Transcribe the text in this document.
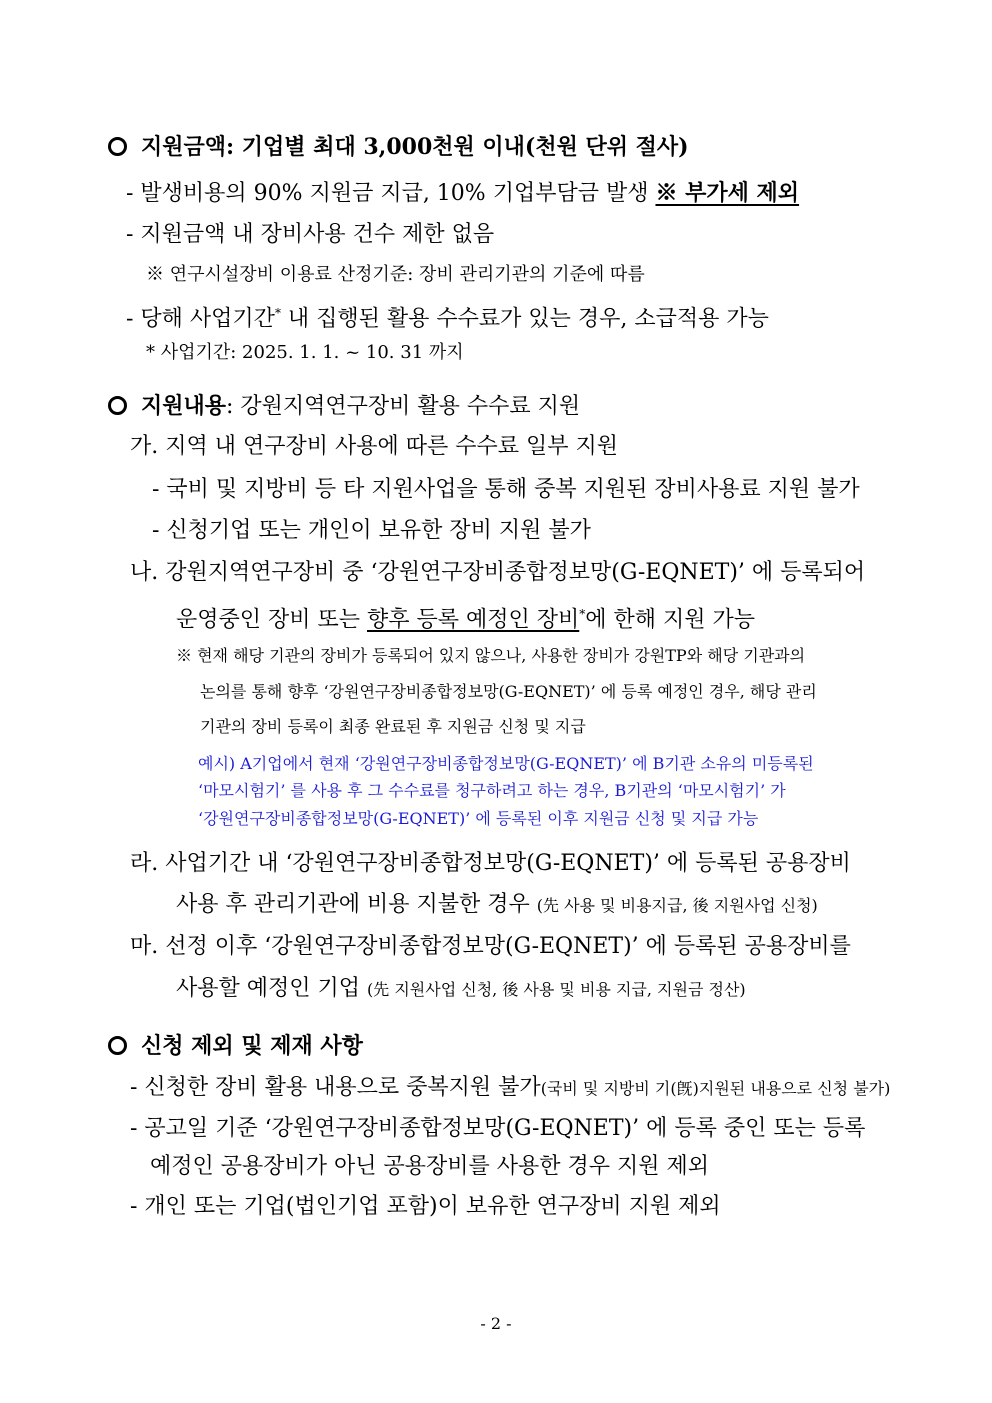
지원금액: 기업별 최대 3,000천원 이내(천원 단위 절사)
- 발생비용의 90% 지원금 지급, 10% 기업부담금 발생 ※ 부가세 제외
- 지원금액 내 장비사용 건수 제한 없음
※ 연구시설장비 이용료 산정기준: 장비 관리기관의 기준에 따름
- 당해 사업기간* 내 집행된 활용 수수료가 있는 경우, 소급적용 가능
* 사업기간: 2025. 1. 1. ~ 10. 31 까지
지원내용: 강원지역연구장비 활용 수수료 지원
가. 지역 내 연구장비 사용에 따른 수수료 일부 지원
- 국비 및 지방비 등 타 지원사업을 통해 중복 지원된 장비사용료 지원 불가
- 신청기업 또는 개인이 보유한 장비 지원 불가
나. 강원지역연구장비 중 ‘강원연구장비종합정보망(G-EQNET)’ 에 등록되어
운영중인 장비 또는 향후 등록 예정인 장비*에 한해 지원 가능
※ 현재 해당 기관의 장비가 등록되어 있지 않으나, 사용한 장비가 강원TP와 해당 기관과의
논의를 통해 향후 ‘강원연구장비종합정보망(G-EQNET)’ 에 등록 예정인 경우, 해당 관리
기관의 장비 등록이 최종 완료된 후 지원금 신청 및 지급
예시) A기업에서 현재 ‘강원연구장비종합정보망(G-EQNET)’ 에 B기관 소유의 미등록된
‘마모시험기’ 를 사용 후 그 수수료를 청구하려고 하는 경우, B기관의 ‘마모시험기’ 가
‘강원연구장비종합정보망(G-EQNET)’ 에 등록된 이후 지원금 신청 및 지급 가능
라. 사업기간 내 ‘강원연구장비종합정보망(G-EQNET)’ 에 등록된 공용장비
사용 후 관리기관에 비용 지불한 경우 (先 사용 및 비용지급, 後 지원사업 신청)
마. 선정 이후 ‘강원연구장비종합정보망(G-EQNET)’ 에 등록된 공용장비를
사용할 예정인 기업 (先 지원사업 신청, 後 사용 및 비용 지급, 지원금 정산)
신청 제외 및 제재 사항
- 신청한 장비 활용 내용으로 중복지원 불가(국비 및 지방비 기(旣)지원된 내용으로 신청 불가)
- 공고일 기준 ‘강원연구장비종합정보망(G-EQNET)’ 에 등록 중인 또는 등록
예정인 공용장비가 아닌 공용장비를 사용한 경우 지원 제외
- 개인 또는 기업(법인기업 포함)이 보유한 연구장비 지원 제외
- 2 -
